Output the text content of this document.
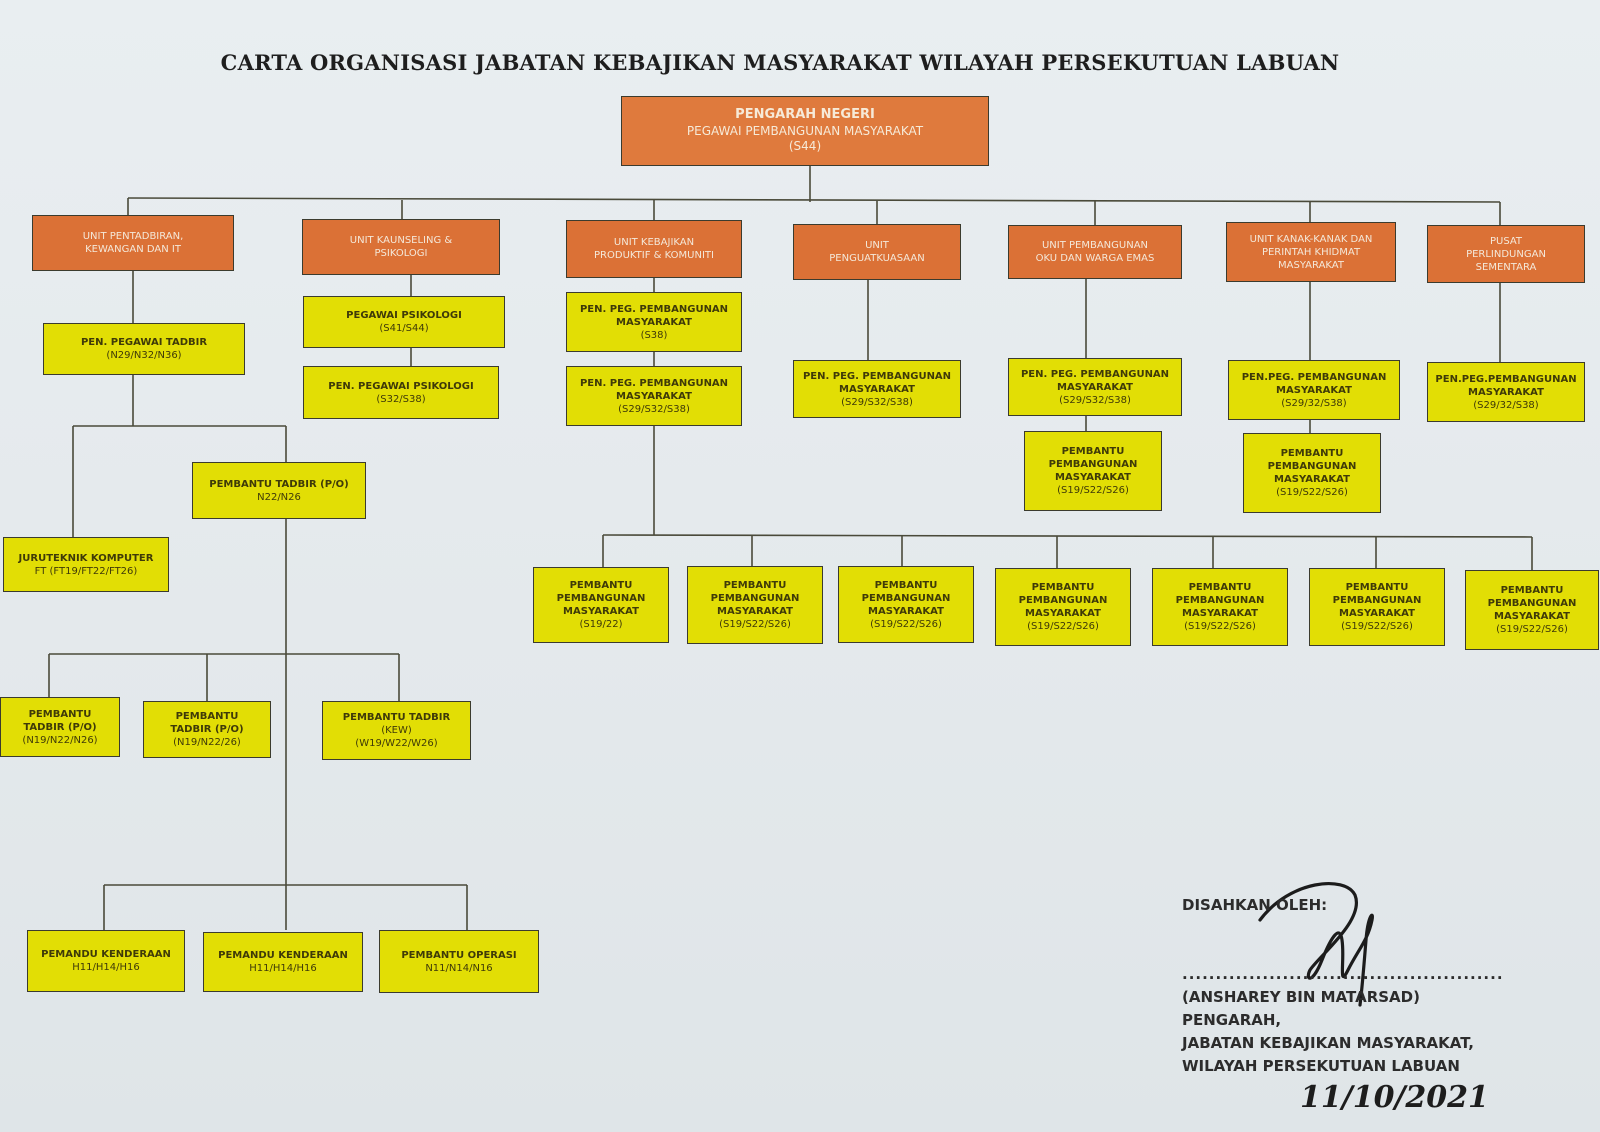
CARTA ORGANISASI JABATAN KEBAJIKAN MASYARAKAT WILAYAH PERSEKUTUAN LABUAN
PENGARAH NEGERI
PEGAWAI PEMBANGUNAN MASYARAKAT
(S44)
UNIT PENTADBIRAN,
KEWANGAN DAN IT
UNIT KAUNSELING &
PSIKOLOGI
UNIT KEBAJIKAN
PRODUKTIF & KOMUNITI
UNIT
PENGUATKUASAAN
UNIT PEMBANGUNAN
OKU DAN WARGA EMAS
UNIT KANAK-KANAK DAN
PERINTAH KHIDMAT
MASYARAKAT
PUSAT
PERLINDUNGAN
SEMENTARA
PEN. PEGAWAI TADBIR
(N29/N32/N36)
PEMBANTU TADBIR (P/O)
N22/N26
JURUTEKNIK KOMPUTER
FT (FT19/FT22/FT26)
PEMBANTU
TADBIR (P/O)
(N19/N22/N26)
PEMBANTU
TADBIR (P/O)
(N19/N22/26)
PEMBANTU TADBIR
(KEW)
(W19/W22/W26)
PEMANDU KENDERAAN
H11/H14/H16
PEMANDU KENDERAAN
H11/H14/H16
PEMBANTU OPERASI
N11/N14/N16
PEGAWAI PSIKOLOGI
(S41/S44)
PEN. PEGAWAI PSIKOLOGI
(S32/S38)
PEN. PEG. PEMBANGUNAN
MASYARAKAT
(S38)
PEN. PEG. PEMBANGUNAN
MASYARAKAT
(S29/S32/S38)
PEN. PEG. PEMBANGUNAN
MASYARAKAT
(S29/S32/S38)
PEN. PEG. PEMBANGUNAN
MASYARAKAT
(S29/S32/S38)
PEMBANTU
PEMBANGUNAN
MASYARAKAT
(S19/S22/S26)
PEN.PEG. PEMBANGUNAN
MASYARAKAT
(S29/32/S38)
PEMBANTU
PEMBANGUNAN
MASYARAKAT
(S19/S22/S26)
PEN.PEG.PEMBANGUNAN
MASYARAKAT
(S29/32/S38)
PEMBANTU
PEMBANGUNAN
MASYARAKAT
(S19/22)
PEMBANTU
PEMBANGUNAN
MASYARAKAT
(S19/S22/S26)
PEMBANTU
PEMBANGUNAN
MASYARAKAT
(S19/S22/S26)
PEMBANTU
PEMBANGUNAN
MASYARAKAT
(S19/S22/S26)
PEMBANTU
PEMBANGUNAN
MASYARAKAT
(S19/S22/S26)
PEMBANTU
PEMBANGUNAN
MASYARAKAT
(S19/S22/S26)
PEMBANTU
PEMBANGUNAN
MASYARAKAT
(S19/S22/S26)
DISAHKAN OLEH:
................................................
(ANSHAREY BIN MATARSAD)
PENGARAH,
JABATAN KEBAJIKAN MASYARAKAT,
WILAYAH PERSEKUTUAN LABUAN
11/10/2021
